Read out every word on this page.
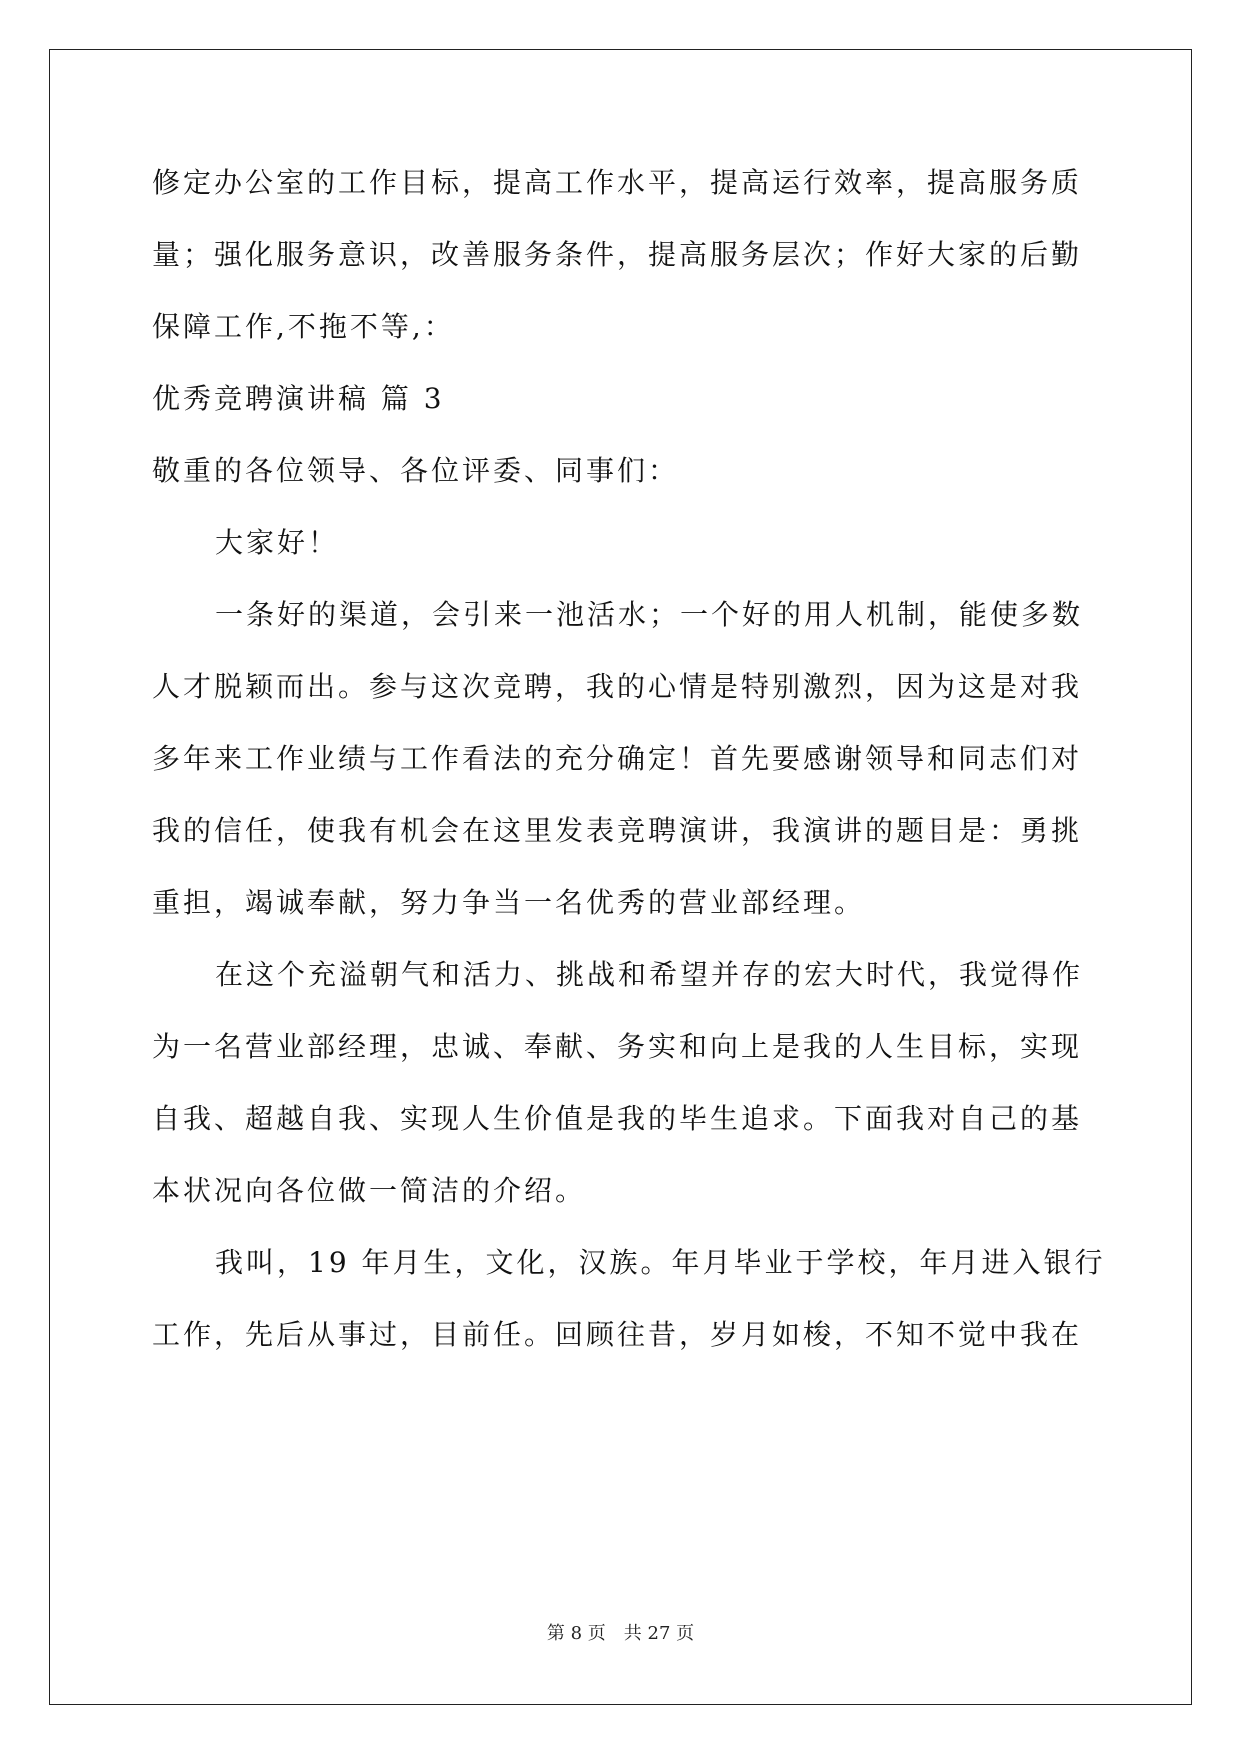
修定办公室的工作目标，提高工作水平，提高运行效率，提高服务质
量；强化服务意识，改善服务条件，提高服务层次；作好大家的后勤
保障工作,不拖不等,：
优秀竞聘演讲稿 篇 3
敬重的各位领导、各位评委、同事们：
大家好！
一条好的渠道，会引来一池活水；一个好的用人机制，能使多数
人才脱颖而出。参与这次竞聘，我的心情是特别激烈，因为这是对我
多年来工作业绩与工作看法的充分确定！首先要感谢领导和同志们对
我的信任，使我有机会在这里发表竞聘演讲，我演讲的题目是：勇挑
重担，竭诚奉献，努力争当一名优秀的营业部经理。
在这个充溢朝气和活力、挑战和希望并存的宏大时代，我觉得作
为一名营业部经理，忠诚、奉献、务实和向上是我的人生目标，实现
自我、超越自我、实现人生价值是我的毕生追求。下面我对自己的基
本状况向各位做一简洁的介绍。
我叫，19 年月生，文化，汉族。年月毕业于学校，年月进入银行
工作，先后从事过，目前任。回顾往昔，岁月如梭，不知不觉中我在
第 8 页 共 27 页
